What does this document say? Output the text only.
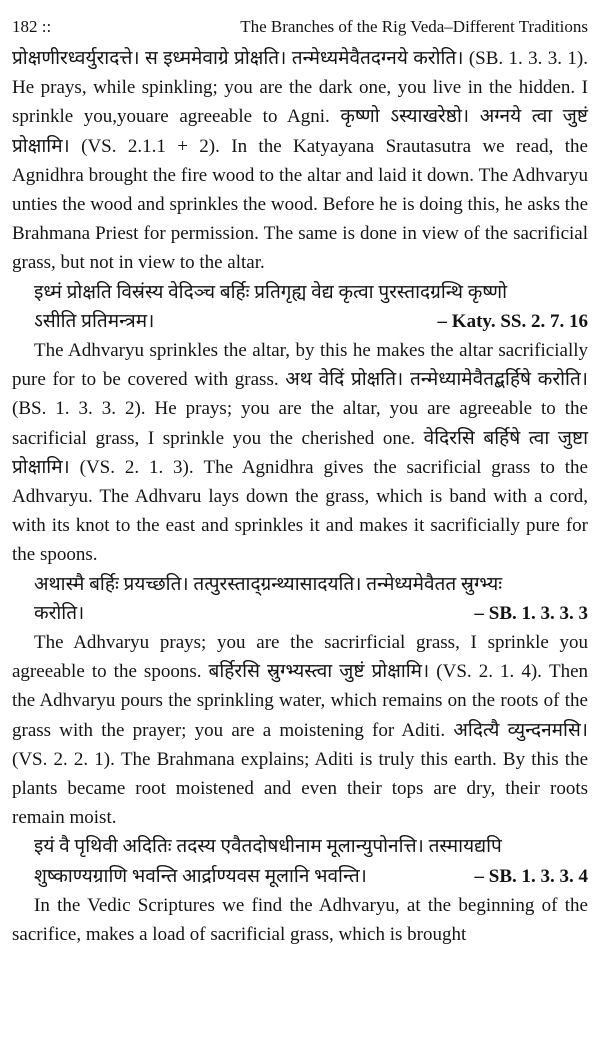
182 ::	The Branches of the Rig Veda–Different Traditions

प्रोक्षणीरध्वर्युरादत्ते। स इध्ममेवाग्रे प्रोक्षति। तन्मेध्यमेवैतदग्नये करोति। (SB. 1. 3. 3. 1). He prays, while spinkling; you are the dark one, you live in the hidden. I sprinkle you,youare agreeable to Agni. कृष्णो ऽस्याखरेष्ठो। अग्नये त्वा जुष्टं प्रोक्षामि। (VS. 2.1.1 + 2). In the Katyayana Srautasutra we read, the Agnidhra brought the fire wood to the altar and laid it down. The Adhvaryu unties the wood and sprinkles the wood. Before he is doing this, he asks the Brahmana Priest for permission. The same is done in view of the sacrificial grass, but not in view to the altar.

इध्मं प्रोक्षति विस्रंस्य वेदिञ्च बर्हिः प्रतिगृह्य वेद्य कृत्वा पुरस्तादग्रन्थि कृष्णो
ऽसीति प्रतिमन्त्रम।	– Katy. SS. 2. 7. 16

The Adhvaryu sprinkles the altar, by this he makes the altar sacrificially pure for to be covered with grass. अथ वेदिं प्रोक्षति। तन्मेध्यामेवैतद्बर्हिषे करोति। (BS. 1. 3. 3. 2). He prays; you are the altar, you are agreeable to the sacrificial grass, I sprinkle you the cherished one. वेदिरसि बर्हिषे त्वा जुष्टा प्रोक्षामि। (VS. 2. 1. 3). The Agnidhra gives the sacrificial grass to the Adhvaryu. The Adhvaru lays down the grass, which is band with a cord, with its knot to the east and sprinkles it and makes it sacrificially pure for the spoons.

अथास्मै बर्हिः प्रयच्छति। तत्पुरस्ताद्ग्रन्थ्यासादयति। तन्मेध्यमेवैतत स्रुग्भ्यः
करोति।	– SB. 1. 3. 3. 3

The Adhvaryu prays; you are the sacrirficial grass, I sprinkle you agreeable to the spoons. बर्हिरसि स्रुग्भ्यस्त्वा जुष्टं प्रोक्षामि। (VS. 2. 1. 4). Then the Adhvaryu pours the sprinkling water, which remains on the roots of the grass with the prayer; you are a moistening for Aditi. अदित्यै व्युन्दनमसि। (VS. 2. 2. 1). The Brahmana explains; Aditi is truly this earth. By this the plants became root moistened and even their tops are dry, their roots remain moist.

इयं वै पृथिवी अदितिः तदस्य एवैतदोषधीनाम मूलान्युपोनत्ति। तस्मायद्यपि
शुष्काण्यग्राणि भवन्ति आर्द्राण्यवस मूलानि भवन्ति।	– SB. 1. 3. 3. 4

In the Vedic Scriptures we find the Adhvaryu, at the beginning of the sacrifice, makes a load of sacrificial grass, which is brought
